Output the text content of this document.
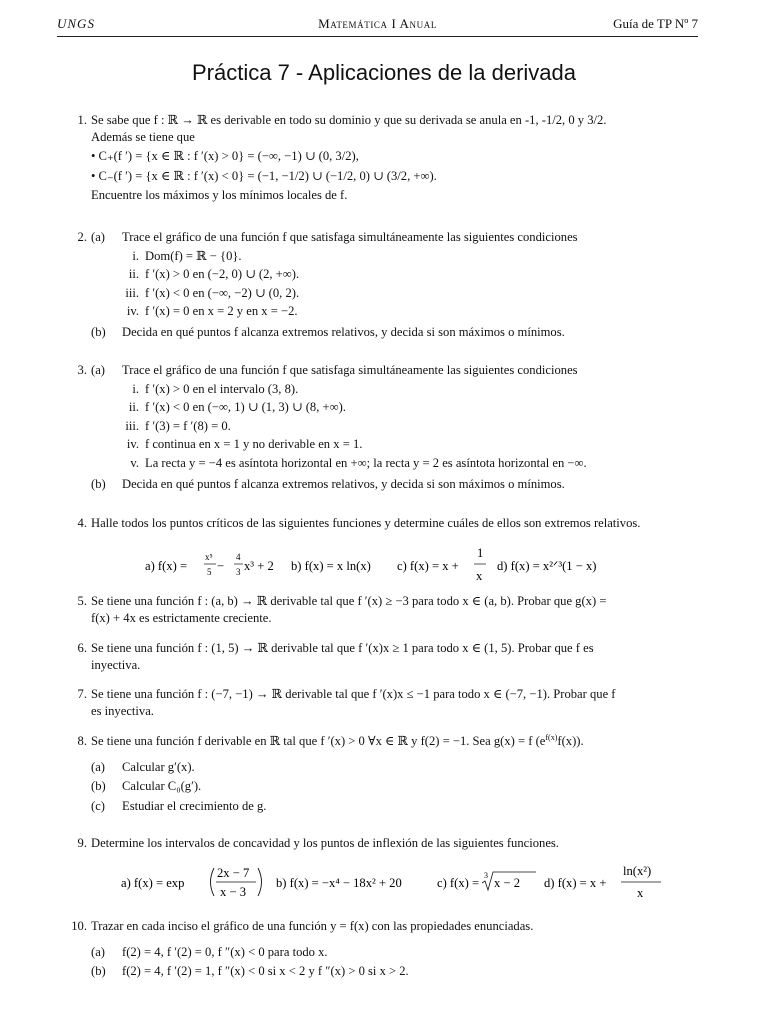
UNGS	Matemática I Anual	Guía de TP Nº 7
Práctica 7 - Aplicaciones de la derivada
1. Se sabe que f : ℝ → ℝ es derivable en todo su dominio y que su derivada se anula en -1, -1/2, 0 y 3/2.
Además se tiene que
• C₊(f ′) = {x ∈ ℝ : f ′(x) > 0} = (−∞, −1) ∪ (0, 3/2),
• C₋(f ′) = {x ∈ ℝ : f ′(x) < 0} = (−1, −1/2) ∪ (−1/2, 0) ∪ (3/2, +∞).
Encuentre los máximos y los mínimos locales de f.
2. (a) Trace el gráfico de una función f que satisfaga simultáneamente las siguientes condiciones
i. Dom(f) = ℝ − {0}.
ii. f ′(x) > 0 en (−2, 0) ∪ (2, +∞).
iii. f ′(x) < 0 en (−∞, −2) ∪ (0, 2).
iv. f ′(x) = 0 en x = 2 y en x = −2.
(b) Decida en qué puntos f alcanza extremos relativos, y decida si son máximos o mínimos.
3. (a) Trace el gráfico de una función f que satisfaga simultáneamente las siguientes condiciones
i. f ′(x) > 0 en el intervalo (3, 8).
ii. f ′(x) < 0 en (−∞, 1) ∪ (1, 3) ∪ (8, +∞).
iii. f ′(3) = f ′(8) = 0.
iv. f continua en x = 1 y no derivable en x = 1.
v. La recta y = −4 es asíntota horizontal en +∞; la recta y = 2 es asíntota horizontal en −∞.
(b) Decida en qué puntos f alcanza extremos relativos, y decida si son máximos o mínimos.
4. Halle todos los puntos críticos de las siguientes funciones y determine cuáles de ellos son extremos relativos.
a) f(x) =
x⁵
5 −
4
3 x³ + 2 b) f(x) = x ln(x) c) f(x) = x +
1
x
d) f(x) = x²ᐟ³(1 − x)
5. Se tiene una función f : (a, b) → ℝ derivable tal que f ′(x) ≥ −3 para todo x ∈ (a, b). Probar que g(x) =
f(x) + 4x es estrictamente creciente.
6. Se tiene una función f : (1, 5) → ℝ derivable tal que f ′(x)x ≥ 1 para todo x ∈ (1, 5). Probar que f es
inyectiva.
7. Se tiene una función f : (−7, −1) → ℝ derivable tal que f ′(x)x ≤ −1 para todo x ∈ (−7, −1). Probar que f
es inyectiva.
8. Se tiene una función f derivable en ℝ tal que f ′(x) > 0 ∀x ∈ ℝ y f(2) = −1. Sea g(x) = f $(e^{f(x)}f(x))$.
(a) Calcular g′(x).
(b) Calcular C₀(g′).
(c) Estudiar el crecimiento de g.
9. Determine los intervalos de concavidad y los puntos de inflexión de las siguientes funciones.
a) f(x) = exp
2x − 7
x − 3
b) f(x) = −x⁴ − 18x² + 20	c) f(x) =
3
x − 2 d) f(x) = x +
ln(x²)
x
10. Trazar en cada inciso el gráfico de una función y = f(x) con las propiedades enunciadas.
(a) f(2) = 4, f ′(2) = 0, f ″(x) < 0 para todo x.
(b) f(2) = 4, f ′(2) = 1, f ″(x) < 0 si x < 2 y f ″(x) > 0 si x > 2.
